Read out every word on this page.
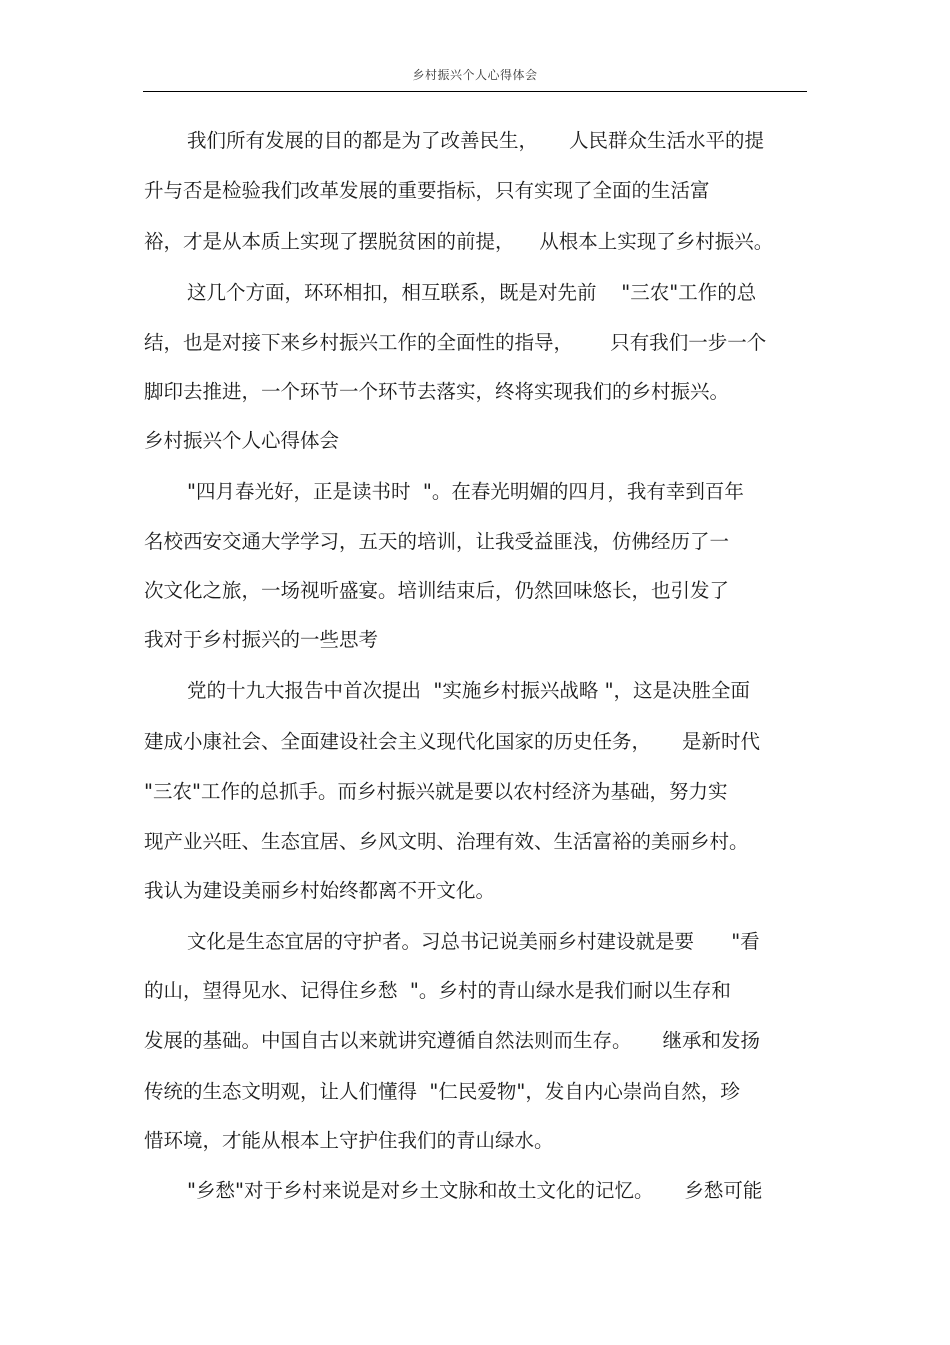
乡村振兴个人心得体会
我们所有发展的目的都是为了改善民生，     人民群众生活水平的提
升与否是检验我们改革发展的重要指标，只有实现了全面的生活富
裕，才是从本质上实现了摆脱贫困的前提，    从根本上实现了乡村振兴。
这几个方面，环环相扣，相互联系，既是对先前    "三农"工作的总
结，也是对接下来乡村振兴工作的全面性的指导，      只有我们一步一个
脚印去推进，一个环节一个环节去落实，终将实现我们的乡村振兴。
乡村振兴个人心得体会
"四月春光好，正是读书时  "。在春光明媚的四月，我有幸到百年
名校西安交通大学学习，五天的培训，让我受益匪浅，仿佛经历了一
次文化之旅，一场视听盛宴。培训结束后，仍然回味悠长，也引发了
我对于乡村振兴的一些思考
党的十九大报告中首次提出  "实施乡村振兴战略 "，这是决胜全面
建成小康社会、全面建设社会主义现代化国家的历史任务，     是新时代
"三农"工作的总抓手。而乡村振兴就是要以农村经济为基础，努力实
现产业兴旺、生态宜居、乡风文明、治理有效、生活富裕的美丽乡村。
我认为建设美丽乡村始终都离不开文化。
文化是生态宜居的守护者。习总书记说美丽乡村建设就是要      "看
的山，望得见水、记得住乡愁  "。乡村的青山绿水是我们耐以生存和
发展的基础。中国自古以来就讲究遵循自然法则而生存。     继承和发扬
传统的生态文明观，让人们懂得  "仁民爱物"，发自内心崇尚自然，珍
惜环境，才能从根本上守护住我们的青山绿水。
"乡愁"对于乡村来说是对乡土文脉和故土文化的记忆。     乡愁可能
